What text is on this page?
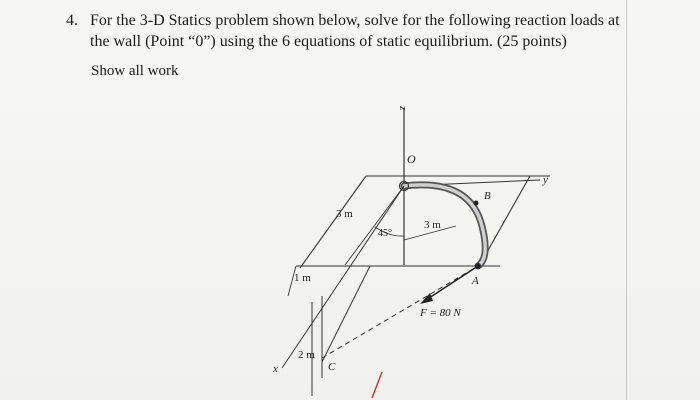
4. For the 3-D Statics problem shown below, solve for the following reaction loads at the wall (Point “0”) using the 6 equations of static equilibrium. (25 points)
Show all work
z
y
O
B
A
3 m
45°
3 m
x
1 m
2 m
C
F = 80 N
